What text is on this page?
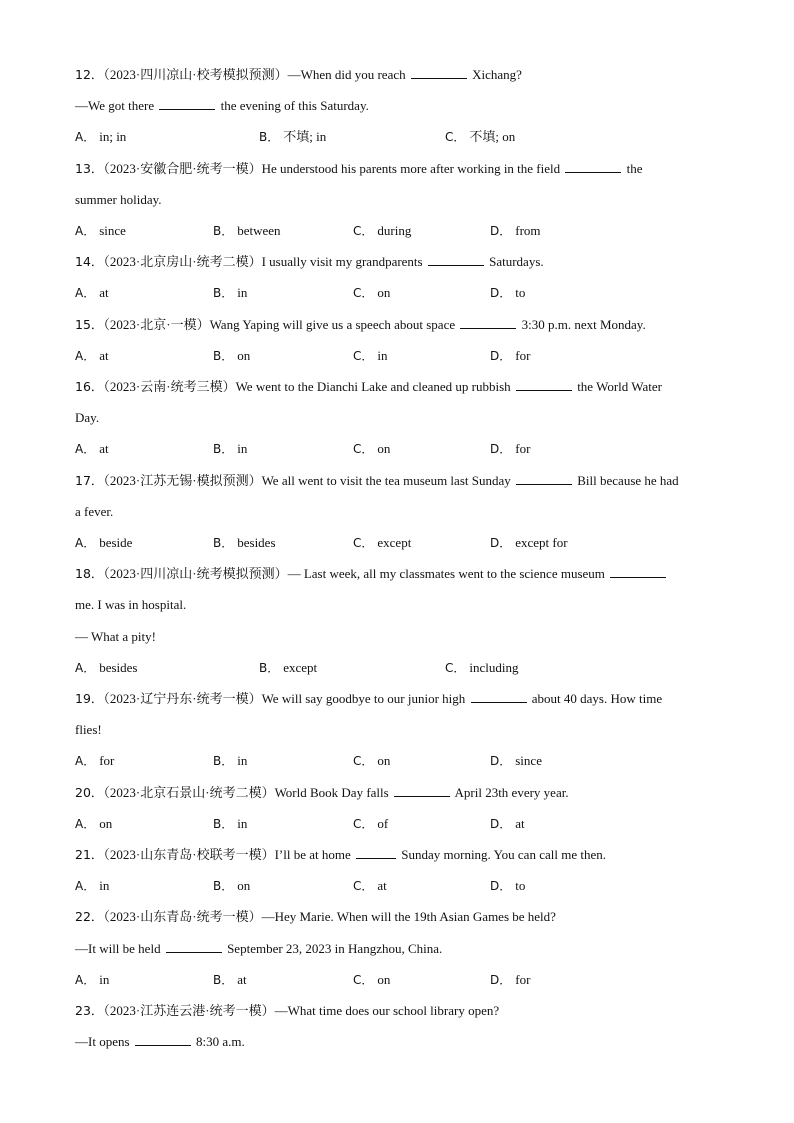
12．（2023·四川凉山·校考模拟预测）—When did you reach	Xichang?
—We got there	the evening of this Saturday.
A． in; in	B． 不填; in	C． 不填; on
13．（2023·安徽合肥·统考一模）He understood his parents more after working in the field	the
summer holiday.
A． since	B． between	C． during	D． from
14．（2023·北京房山·统考二模）I usually visit my grandparents	Saturdays.
A． at	B． in	C． on	D． to
15．（2023·北京·一模）Wang Yaping will give us a speech about space	3:30 p.m. next Monday.
A． at	B． on	C． in	D． for
16．（2023·云南·统考三模）We went to the Dianchi Lake and cleaned up rubbish	the World Water
Day.
A． at	B． in	C． on	D． for
17．（2023·江苏无锡·模拟预测）We all went to visit the tea museum last Sunday	Bill because he had
a fever.
A． beside	B． besides	C． except	D． except for
18．（2023·四川凉山·统考模拟预测）— Last week, all my classmates went to the science museum
me. I was in hospital.
— What a pity!
A． besides	B． except	C． including
19．（2023·辽宁丹东·统考一模）We will say goodbye to our junior high	about 40 days. How time
flies!
A． for	B． in	C． on	D． since
20．（2023·北京石景山·统考二模）World Book Day falls	April 23th every year.
A． on	B． in	C． of	D． at
21．（2023·山东青岛·校联考一模）I’ll be at home	Sunday morning. You can call me then.
A． in	B． on	C． at	D． to
22．（2023·山东青岛·统考一模）—Hey Marie. When will the 19th Asian Games be held?
—It will be held	September 23, 2023 in Hangzhou, China.
A． in	B． at	C． on	D． for
23．（2023·江苏连云港·统考一模）—What time does our school library open?
—It opens	8:30 a.m.
